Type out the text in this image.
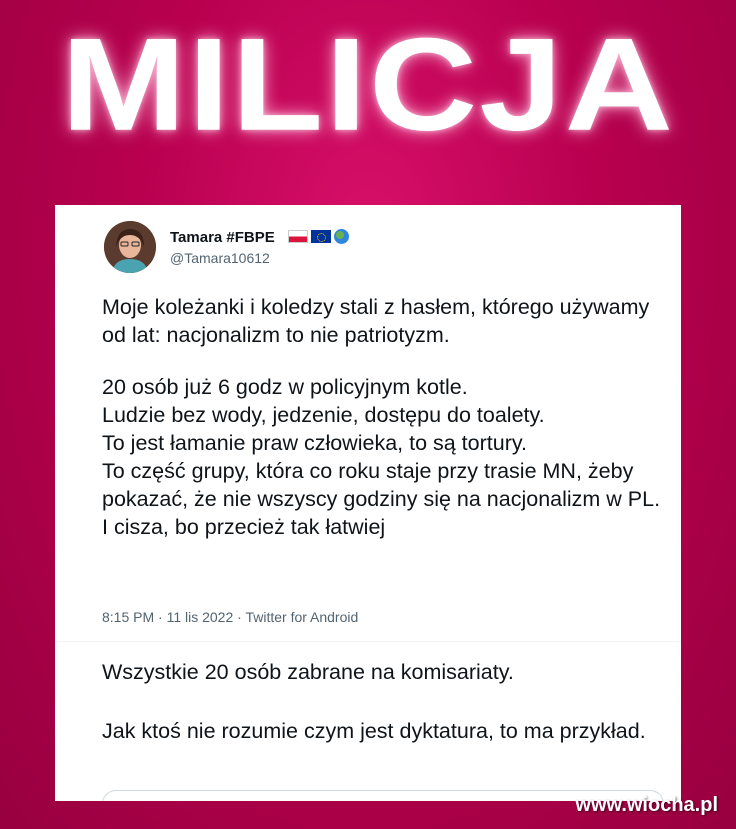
MILICJA
Tamara #FBPE
@Tamara10612

Moje koleżanki i koledzy stali z hasłem, którego używamy od lat: nacjonalizm to nie patriotyzm.

20 osób już 6 godz w policyjnym kotle.
Ludzie bez wody, jedzenie, dostępu do toalety.
To jest łamanie praw człowieka, to są tortury.
To część grupy, która co roku staje przy trasie MN, żeby pokazać, że nie wszyscy godziny się na nacjonalizm w PL.
I cisza, bo przecież tak łatwiej

8:15 PM · 11 lis 2022 · Twitter for Android

Wszystkie 20 osób zabrane na komisariaty.

Jak ktoś nie rozumie czym jest dyktatura, to ma przykład.

www.wiocha.pl
